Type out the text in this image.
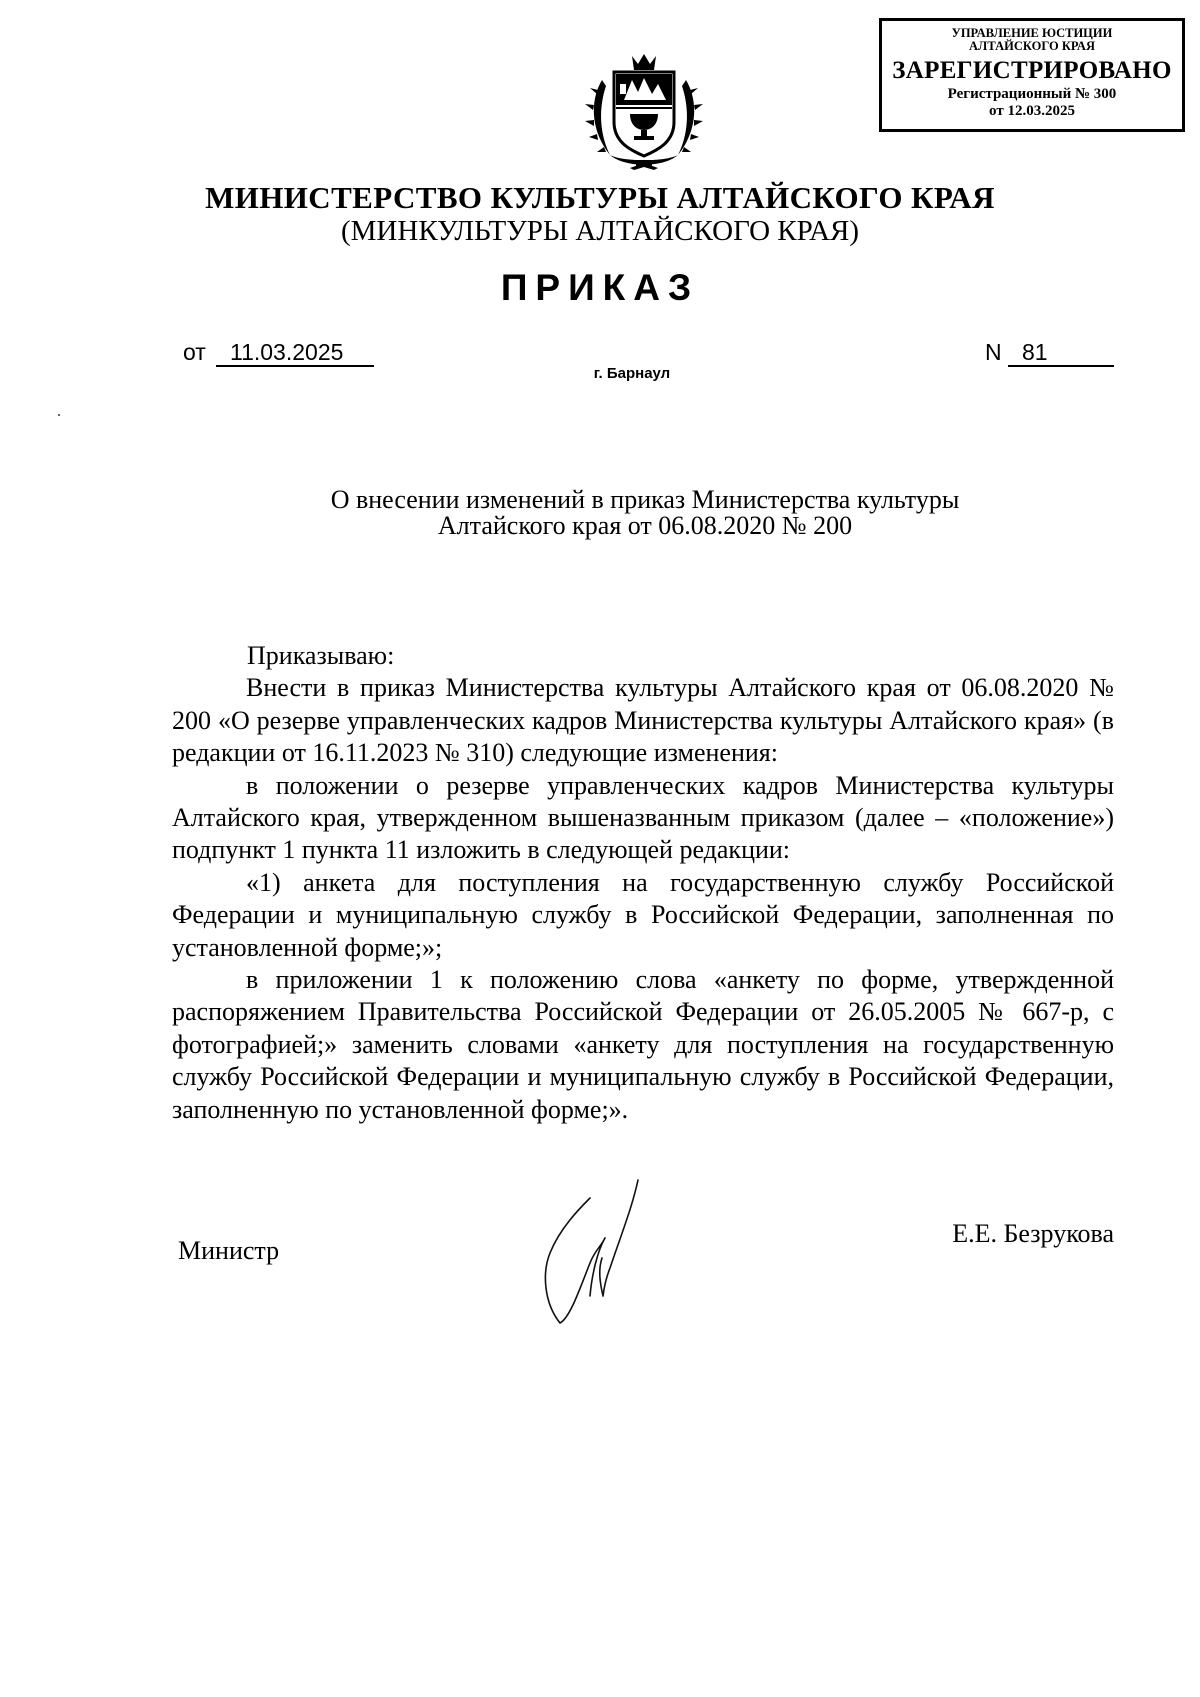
УПРАВЛЕНИЕ ЮСТИЦИИ
АЛТАЙСКОГО КРАЯ
ЗАРЕГИСТРИРОВАНО
Регистрационный № 300
от 12.03.2025
МИНИСТЕРСТВО КУЛЬТУРЫ АЛТАЙСКОГО КРАЯ
(МИНКУЛЬТУРЫ АЛТАЙСКОГО КРАЯ)
ПРИКАЗ
от	11.03.2025	N 81
г. Барнаул
О внесении изменений в приказ Министерства культуры
Алтайского края от 06.08.2020 № 200

Приказываю:

Внести в приказ Министерства культуры Алтайского края от 06.08.2020 № 200 «О резерве управленческих кадров Министерства культуры Алтайского края» (в редакции от 16.11.2023 № 310) следующие изменения:

в положении о резерве управленческих кадров Министерства культуры Алтайского края, утвержденном вышеназванным приказом (далее – «положение») подпункт 1 пункта 11 изложить в следующей редакции:

«1) анкета для поступления на государственную службу Российской Федерации и муниципальную службу в Российской Федерации, заполненная по установленной форме;»;

в приложении 1 к положению слова «анкету по форме, утвержденной распоряжением Правительства Российской Федерации от 26.05.2005 № 667-р, с фотографией;» заменить словами «анкету для поступления на государственную службу Российской Федерации и муниципальную службу в Российской Федерации, заполненную по установленной форме;».

Министр
Е.Е. Безрукова
